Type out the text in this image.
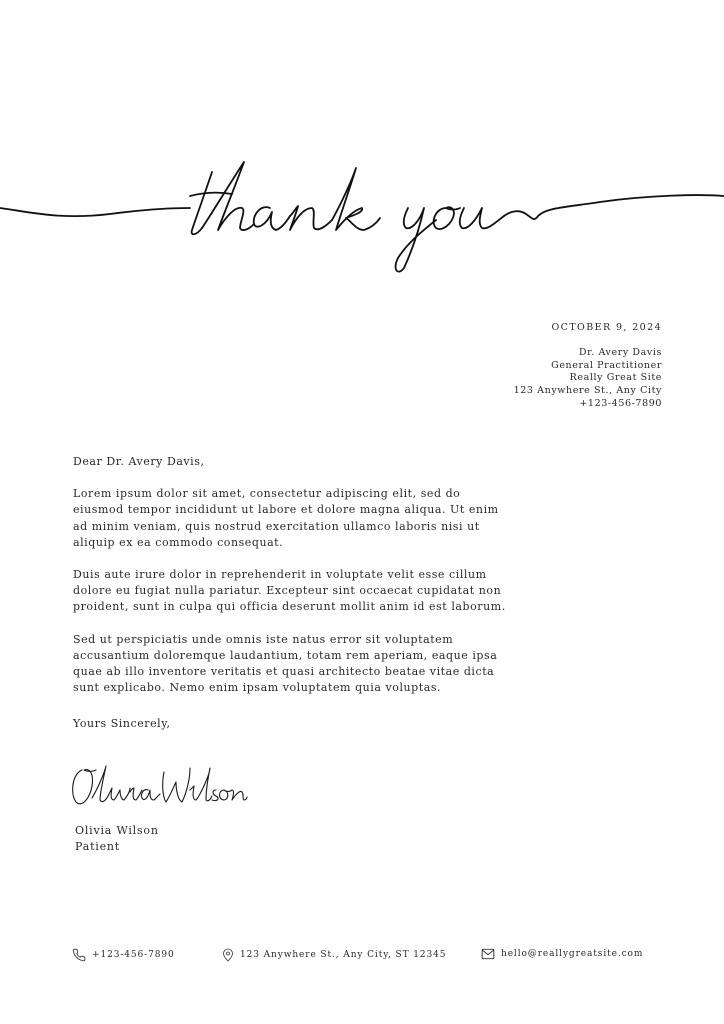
OCTOBER 9, 2024
Dr. Avery Davis
General Practitioner
Really Great Site
123 Anywhere St., Any City
+123-456-7890

Dear Dr. Avery Davis,

Lorem ipsum dolor sit amet, consectetur adipiscing elit, sed do eiusmod tempor incididunt ut labore et dolore magna aliqua. Ut enim ad minim veniam, quis nostrud exercitation ullamco laboris nisi ut aliquip ex ea commodo consequat.

Duis aute irure dolor in reprehenderit in voluptate velit esse cillum dolore eu fugiat nulla pariatur. Excepteur sint occaecat cupidatat non proident, sunt in culpa qui officia deserunt mollit anim id est laborum.

Sed ut perspiciatis unde omnis iste natus error sit voluptatem accusantium doloremque laudantium, totam rem aperiam, eaque ipsa quae ab illo inventore veritatis et quasi architecto beatae vitae dicta sunt explicabo. Nemo enim ipsam voluptatem quia voluptas.

Yours Sincerely,

Olivia Wilson
Patient
+123-456-7890	123 Anywhere St., Any City, ST 12345	hello@reallygreatsite.com
